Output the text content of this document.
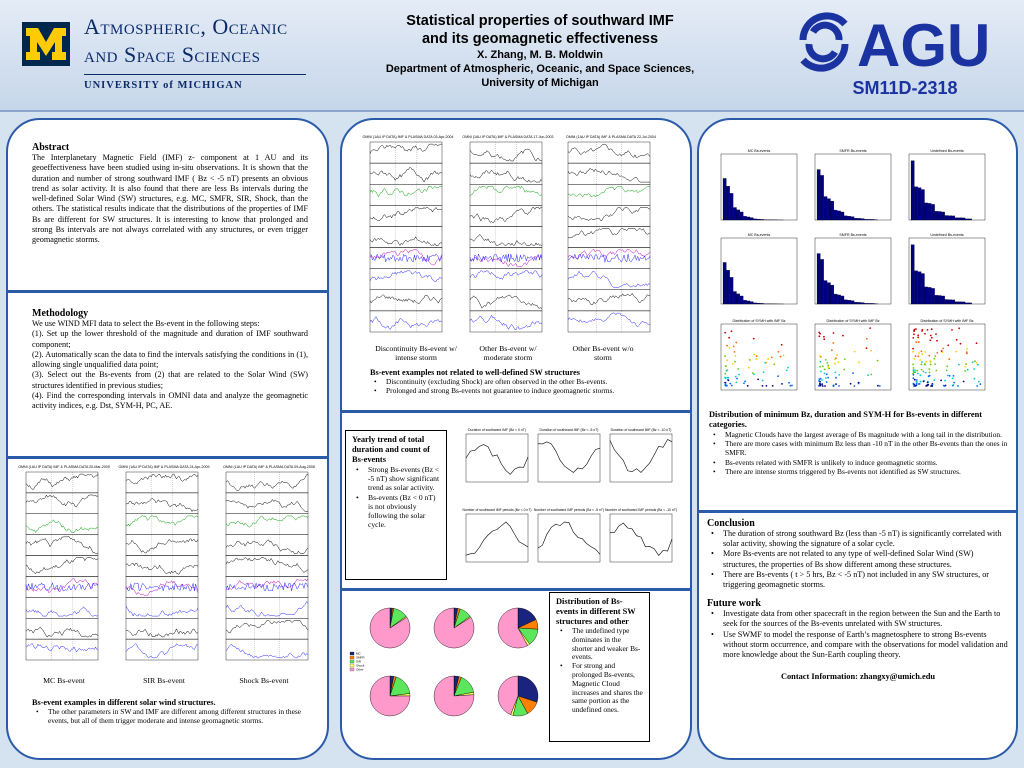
Atmospheric, Oceanic
and Space Sciences
UNIVERSITY of MICHIGAN
Statistical properties of southward IMF
and its geomagnetic effectiveness
X. Zhang, M. B. Moldwin
Department of Atmospheric, Oceanic, and Space Sciences,
University of Michigan
AGU
SM11D-2318
Abstract
The Interplanetary Magnetic Field (IMF) z- component at 1 AU and its geoeffectiveness have been studied using in-situ observations. It is shown that the duration and number of strong southward IMF ( Bz < -5 nT) presents an obvious trend as solar activity. It is also found that there are less Bs intervals during the well-defined Solar Wind (SW) structures, e.g. MC, SMFR, SIR, Shock, than the others. The statistical results indicate that the distributions of the properties of IMF Bs are different for SW structures. It is interesting to know that prolonged and strong Bs intervals are not always correlated with any structures, or even trigger geomagnetic storms.
Methodology
We use WIND MFI data to select the Bs-event in the following steps:
(1). Set up the lower threshold of the magnitude and duration of IMF southward component;
(2). Automatically scan the data to find the intervals satisfying the conditions in (1), allowing single unqualified data point;
(3). Select out the Bs-events from (2) that are related to the Solar Wind (SW) structures identified in previous studies;
(4). Find the corresponding intervals in OMNI data and analyze the geomagnetic activity indices, e.g. Dst, SYM-H, PC, AE.
OMNI (1AU IP DATA) IMF & PLASMA DATA 20-Mar-2009 OMNI (1AU IP DATA) IMF & PLASMA DATA 24-Apr-2009	OMNI (1AU IP DATA) IMF & PLASMA DATA 09-Aug-2008
MC Bs-event	SIR Bs-event	Shock Bs-event
Bs-event examples in different solar wind structures.
• The other parameters in SW and IMF are different among different structures in these events, but all of them trigger moderate and intense geomagnetic storms.
OMNI (1AU IP DATA) IMF & PLASMA DATA 03-Apr-2004 OMNI (1AU IP DATA) IMF & PLASMA DATA 17-Jun-2003	OMNI (1AU IP DATA) IMF & PLASMA DATA 22-Jul-2004
Discontinuity Bs-event w/ intense storm
Other Bs-event w/ moderate storm
Other Bs-event w/o storm
Bs-event examples not related to well-defined SW structures
• Discontinuity (excluding Shock) are often observed in the other Bs-events.
• Prolonged and strong Bs-events not guarantee to induce geomagnetic storms.
Yearly trend of total duration and count of Bs-events
• Strong Bs-events (Bz < -5 nT) show significant trend as solar activity.
• Bs-events (Bz < 0 nT) is not obviously following the solar cycle.
Duration of southward IMF (Bz < 0 nT)	Duration of southward IMF (Bz < -5 nT)	Duration of southward IMF (Bz < -10 nT)
Number of southward IMF periods (Bz < 0 nT) Number of southward IMF periods (Bz < -5 nT) Number of southward IMF periods (Bz < -10 nT)
MC
SMFR
SIR
Shock
Other
Distribution of Bs-events in different SW structures and other
• The undefined type dominates in the shorter and weaker Bs-events.
• For strong and prolonged Bs-events, Magnetic Cloud increases and shares the same portion as the undefined ones.
MC Bs-events	SMFR Bs-events	Undefined Bs-events
MC Bs-events	SMFR Bs-events	Undefined Bs-events
Distribution of SYMH with IMF Bz	Distribution of SYMH with IMF Bz	Distribution of SYMH with IMF Bz
Distribution of minimum Bz, duration and SYM-H for Bs-events in different categories.
• Magnetic Clouds have the largest average of Bs magnitude with a long tail in the distribution.
• There are more cases with minimum Bz less than -10 nT in the other Bs-events than the ones in SMFR.
• Bs-events related with SMFR is unlikely to induce geomagnetic storms.
• There are intense storms triggered by Bs-events not identified as SW structures.
Conclusion
• The duration of strong southward Bz (less than -5 nT) is significantly correlated with solar activity, showing the signature of a solar cycle.
• More Bs-events are not related to any type of well-defined Solar Wind (SW) structures, the properties of Bs show different among these structures.
• There are Bs-events ( t > 5 hrs, Bz < -5 nT) not included in any SW structures, or triggering geomagnetic storms.
Future work
• Investigate data from other spacecraft in the region between the Sun and the Earth to seek for the sources of the Bs-events unrelated with SW structures.
• Use SWMF to model the response of Earth’s magnetosphere to strong Bs-events without storm occurrence, and compare with the observations for model validation and more knowledge about the Sun-Earth coupling theory.
Contact Information: zhangxy@umich.edu
